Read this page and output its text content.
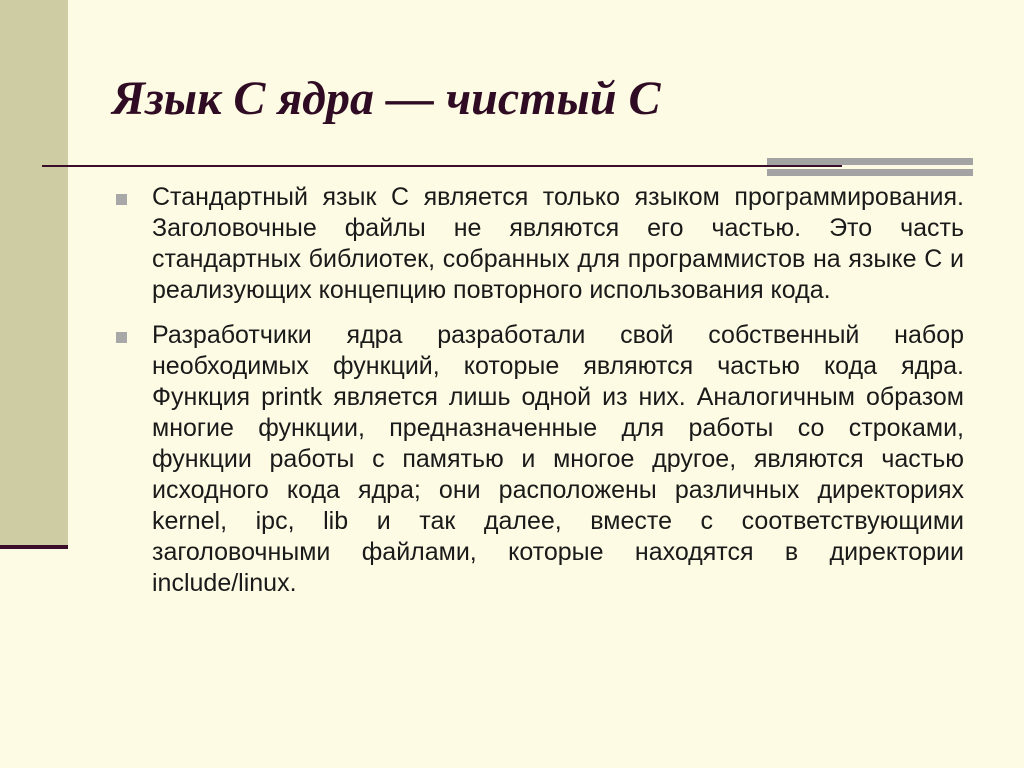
Язык С ядра — чистый С
Стандартный язык С является только языком программирования. Заголовочные файлы не являются его частью. Это часть стандартных библиотек, собранных для программистов на языке С и реализующих концепцию повторного использования кода.
Разработчики ядра разработали свой собственный набор необходимых функций, которые являются частью кода ядра. Функция printk является лишь одной из них. Аналогичным образом многие функции, предназначенные для работы со строками, функции работы с памятью и многое другое, являются частью исходного кода ядра; они расположены различных директориях kernel, ipc, lib и так далее, вместе с соответствующими заголовочными файлами, которые находятся в директории include/linux.
